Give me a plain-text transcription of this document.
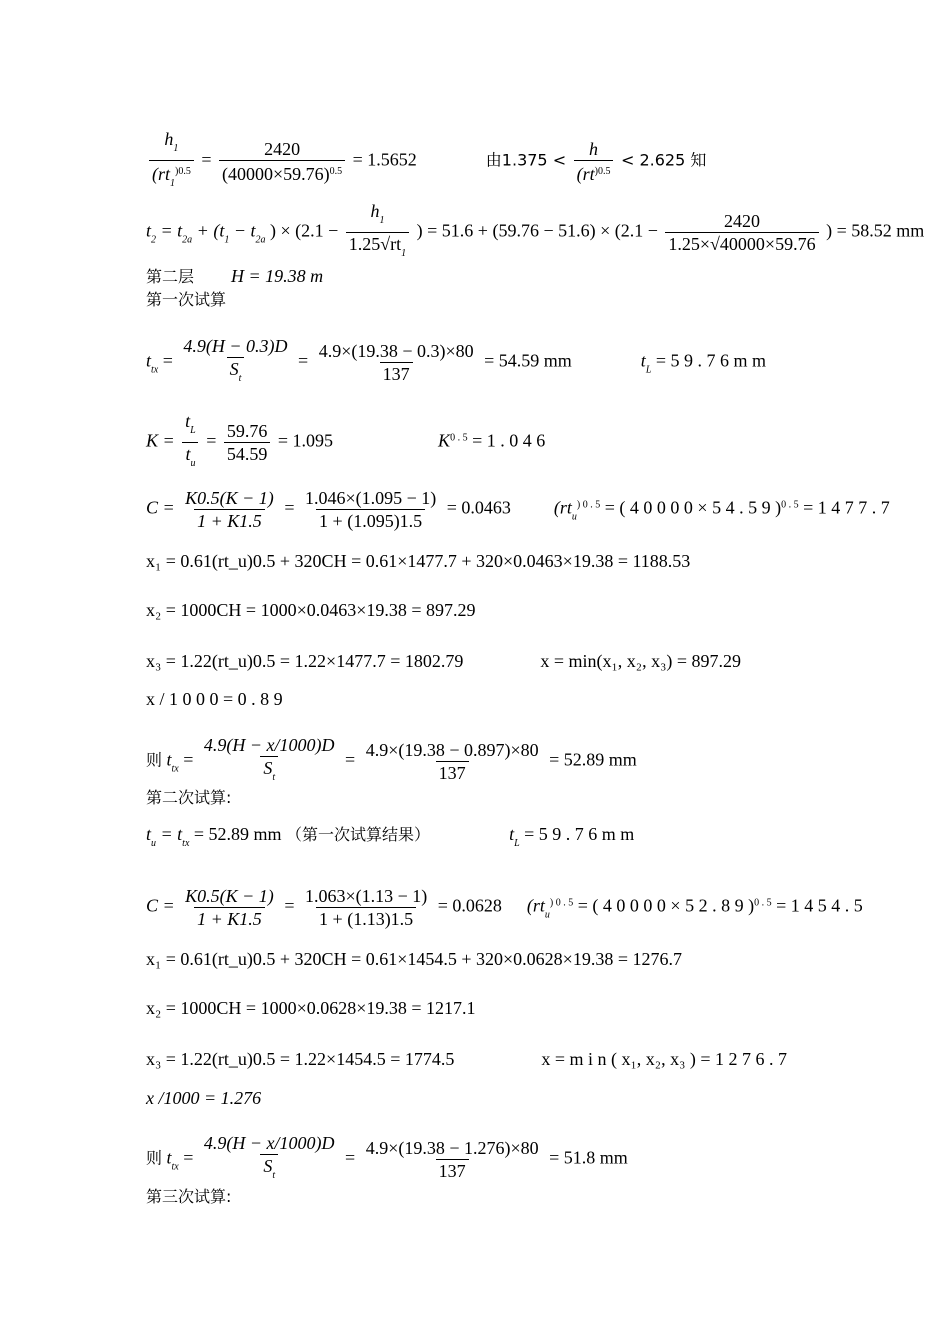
$\frac{h_1}{(rt_1^{)0.5}} = \frac{2420}{(40000\times 59.76)^{0.5}} = 1.5652$	由$1.375 < \frac{h}{(rt^{)0.5}} < 2.625$ 知
$t_2 = t_{2a} + (t_1 - t_{2a}$ ) × ($2.1 - \frac{h_1}{1.25√rt_1}$ ) = $51.6 + (59.76 - 51.6) \times (2.1 - \frac{2420}{1.25\times√40000\times 59.76}$ ) = 58.52 mm
第二层 H = 19.38 m
第一次试算
$t_{tx} = \frac{4.9(H - 0.3)D}{S_t} = \frac{4.9\times(19.38 - 0.3)\times 80}{137} = 54.59$ mm	$t_L = 5$ 9 . 7 6 m m
$K = \frac{t_L}{t_u} = \frac{59.76}{54.59} = 1.095$	$K^{0 . 5} = 1$ . 0 4 6
$C = \frac{K0.5(K - 1)}{1 + K1.5} = \frac{1.046\times(1.095 - 1)}{1 + (1.095)1.5} = 0.0463$ ($rt_u^{) 0 . 5}$ = ( 4 0 0 0 0 × 5 4 . 5 9 )$^{0 . 5}$ = 1 4 7 7 . 7
x₁ = 0.61(rt_u)0.5 + 320CH = 0.61×1477.7 + 320×0.0463×19.38 = 1188.53
x₂ = 1000CH = 1000×0.0463×19.38 = 897.29
x₃ = 1.22(rt_u)0.5 = 1.22×1477.7 = 1802.79	x = min(x₁, x₂, x₃) = 897.29
x / 1 0 0 0 = 0 . 8 9
则 $t_{tx} = \frac{4.9(H - x/1000)D}{S_t} = \frac{4.9\times(19.38 - 0.897)\times 80}{137} = 52.89$ mm
第二次试算:
$t_u = t_{tx} = 52.89$ mm （第一次试算结果）	$t_L = 5$ 9 . 7 6 m m
$C = \frac{K0.5(K - 1)}{1 + K1.5} = \frac{1.063\times(1.13 - 1)}{1 + (1.13)1.5} = 0.0628$ ($rt_u^{) 0 . 5}$ = ( 4 0 0 0 0 × 5 2 . 8 9 )$^{0 . 5}$ = 1 4 5 4 . 5
x₁ = 0.61(rt_u)0.5 + 320CH = 0.61×1454.5 + 320×0.0628×19.38 = 1276.7
x₂ = 1000CH = 1000×0.0628×19.38 = 1217.1
x₃ = 1.22(rt_u)0.5 = 1.22×1454.5 = 1774.5	x = m i n ( x₁, x₂, x₃ ) = 1 2 7 6 . 7
x /1000 = 1.276
则 $t_{tx} = \frac{4.9(H - x/1000)D}{S_t} = \frac{4.9\times(19.38 - 1.276)\times 80}{137} = 51.8$ mm
第三次试算:
